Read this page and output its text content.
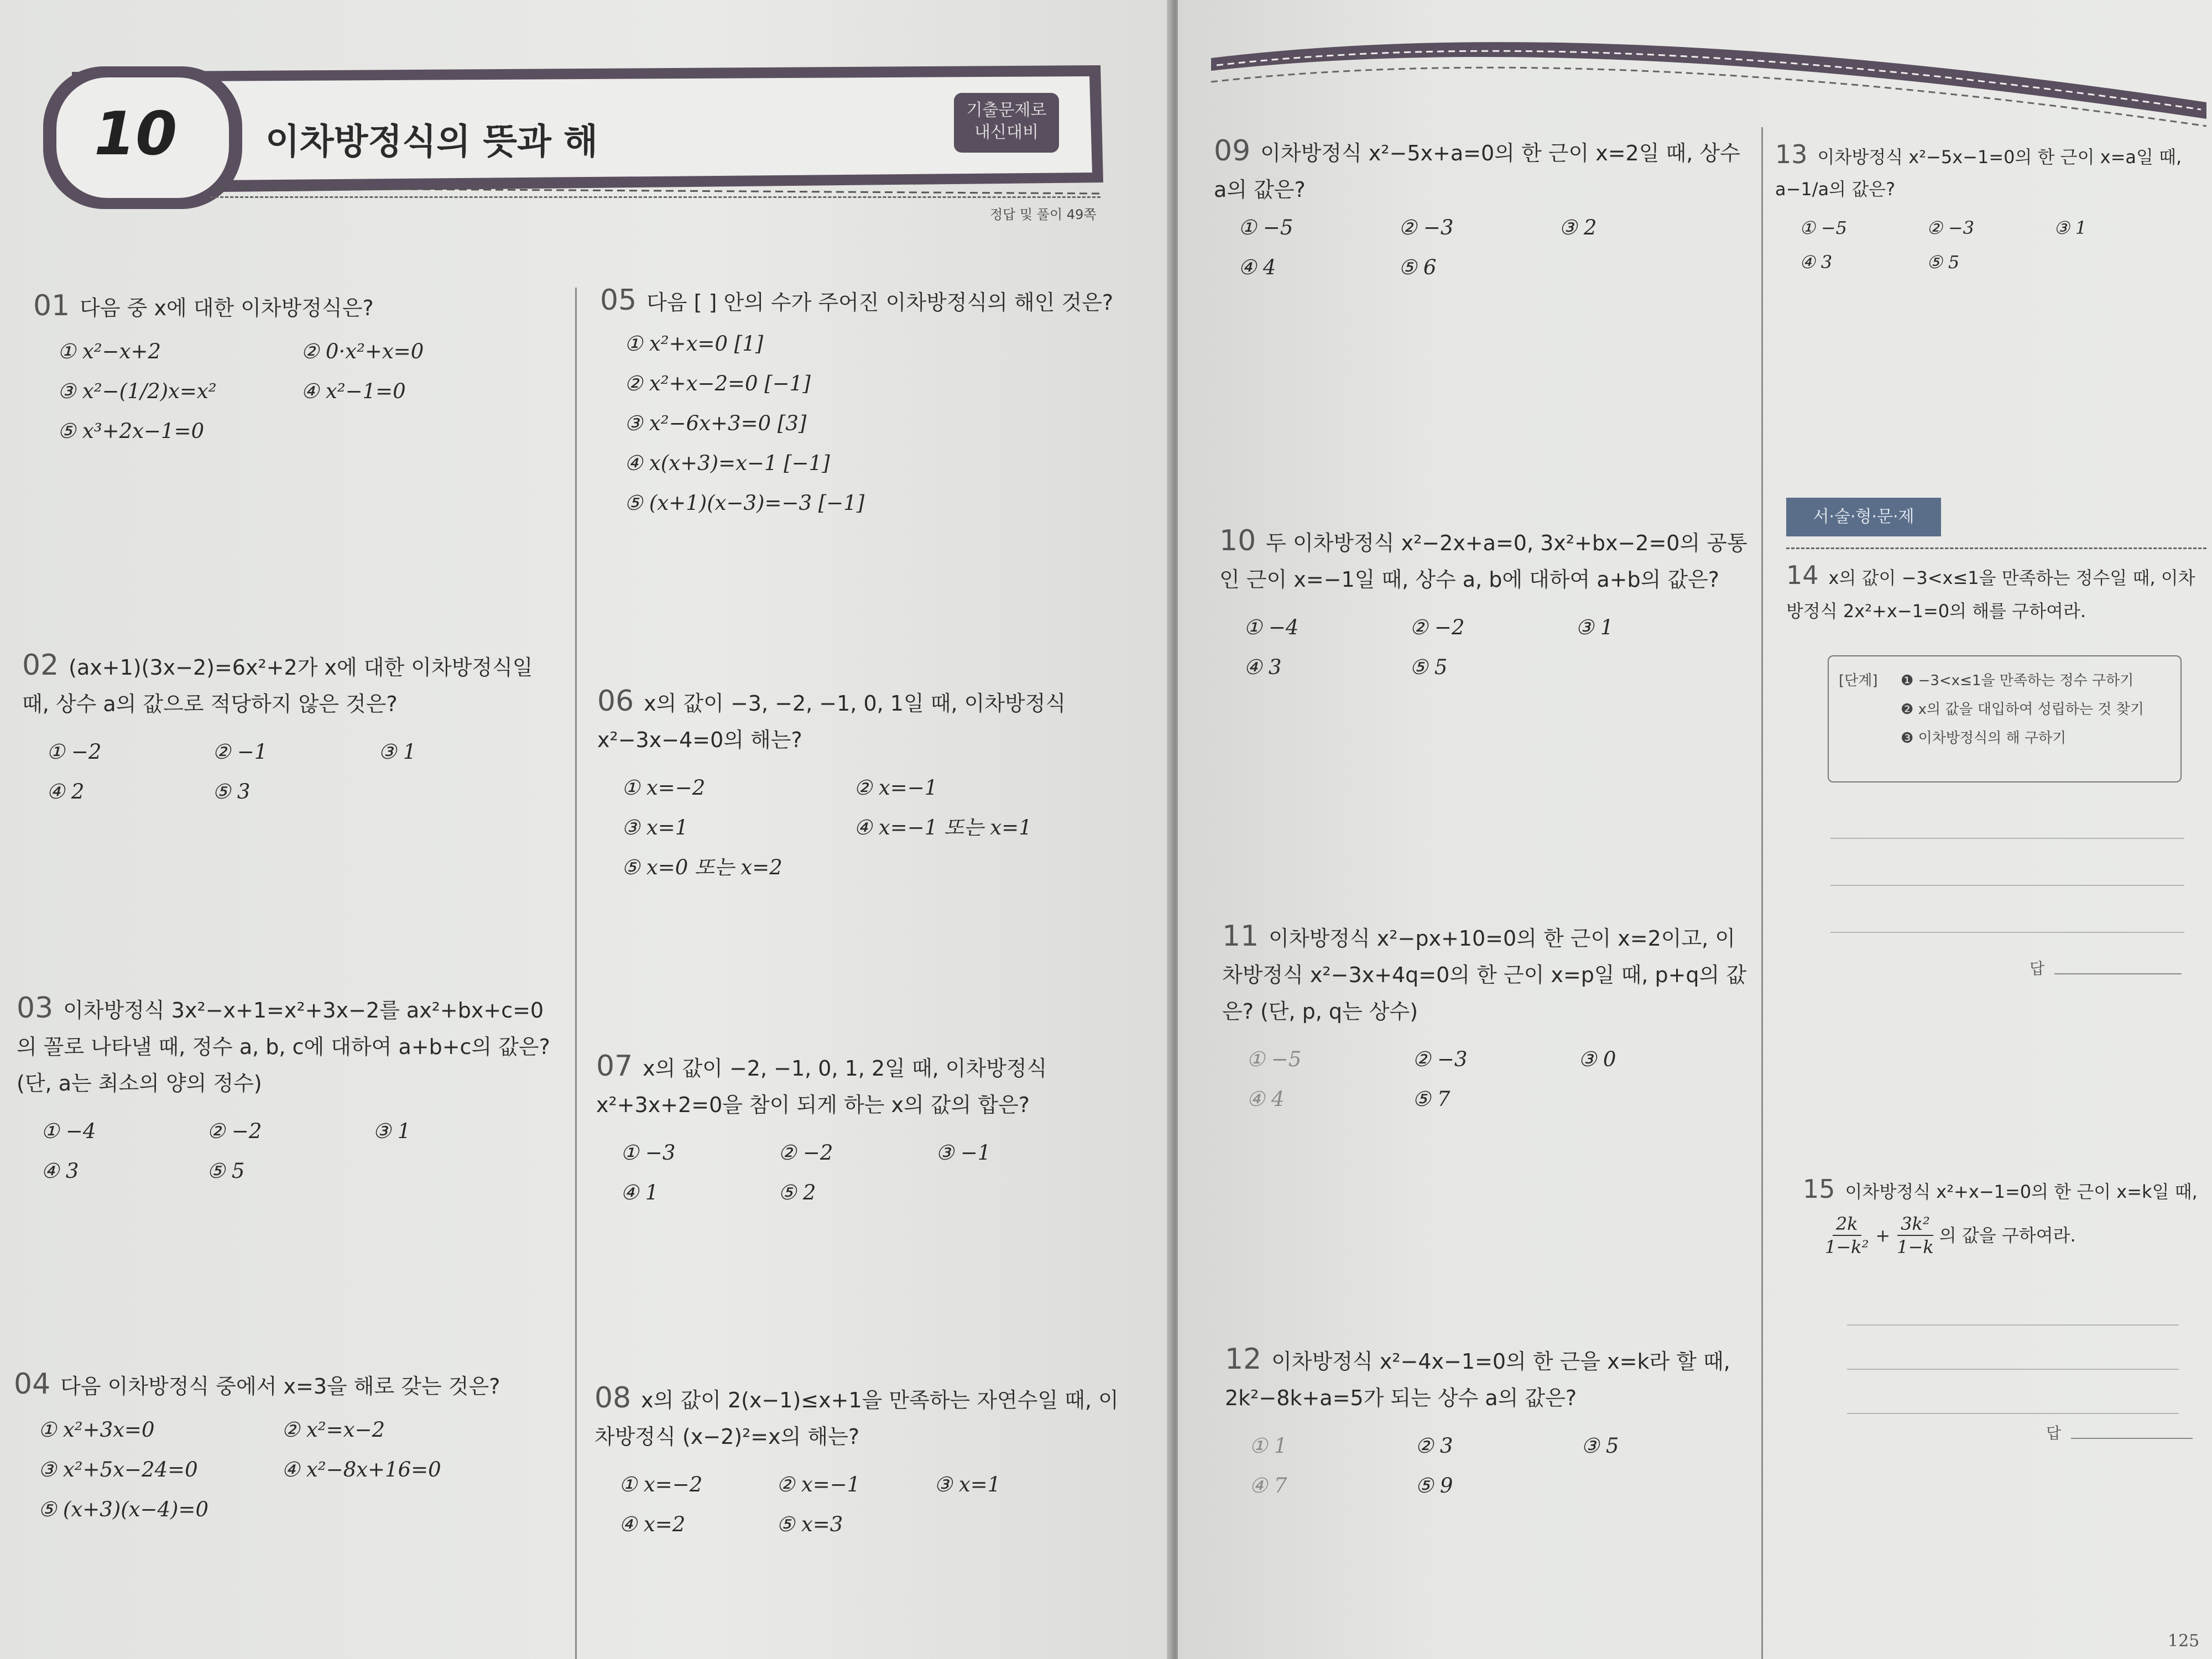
10 이차방정식의 뜻과 해
기출문제로
내신대비
정답 및 풀이 49쪽
01 다음 중 x에 대한 이차방정식은?
① x²−x+2	② 0·x²+x=0
③ x²−(1/2)x=x²	④ x²−1=0
⑤ x³+2x−1=0
02 (ax+1)(3x−2)=6x²+2가 x에 대한 이차방정식일 때, 상수 a의 값으로 적당하지 않은 것은?
① −2	② −1	③ 1
④ 2	⑤ 3
03 이차방정식 3x²−x+1=x²+3x−2를 ax²+bx+c=0의 꼴로 나타낼 때, 정수 a, b, c에 대하여 a+b+c의 값은? (단, a는 최소의 양의 정수)
① −4	② −2	③ 1
④ 3	⑤ 5
04 다음 이차방정식 중에서 x=3을 해로 갖는 것은?
① x²+3x=0	② x²=x−2
③ x²+5x−24=0	④ x²−8x+16=0
⑤ (x+3)(x−4)=0
05 다음 [ ] 안의 수가 주어진 이차방정식의 해인 것은?
① x²+x=0 [1]
② x²+x−2=0 [−1]
③ x²−6x+3=0 [3]
④ x(x+3)=x−1 [−1]
⑤ (x+1)(x−3)=−3 [−1]
06 x의 값이 −3, −2, −1, 0, 1일 때, 이차방정식 x²−3x−4=0의 해는?
① x=−2	② x=−1
③ x=1	④ x=−1 또는 x=1
⑤ x=0 또는 x=2
07 x의 값이 −2, −1, 0, 1, 2일 때, 이차방정식 x²+3x+2=0을 참이 되게 하는 x의 값의 합은?
① −3	② −2	③ −1
④ 1	⑤ 2
08 x의 값이 2(x−1)≤x+1을 만족하는 자연수일 때, 이차방정식 (x−2)²=x의 해는?
① x=−2	② x=−1	③ x=1
④ x=2	⑤ x=3
09 이차방정식 x²−5x+a=0의 한 근이 x=2일 때, 상수 a의 값은?
① −5	② −3	③ 2
④ 4	⑤ 6
10 두 이차방정식 x²−2x+a=0, 3x²+bx−2=0의 공통인 근이 x=−1일 때, 상수 a, b에 대하여 a+b의 값은?
① −4	② −2	③ 1
④ 3	⑤ 5
11 이차방정식 x²−px+10=0의 한 근이 x=2이고, 이차방정식 x²−3x+4q=0의 한 근이 x=p일 때, p+q의 값은? (단, p, q는 상수)
① −5	② −3	③ 0
④ 4	⑤ 7
12 이차방정식 x²−4x−1=0의 한 근을 x=k라 할 때, 2k²−8k+a=5가 되는 상수 a의 값은?
① 1	② 3	③ 5
④ 7	⑤ 9
13 이차방정식 x²−5x−1=0의 한 근이 x=a일 때, a−1/a의 값은?
① −5	② −3	③ 1
④ 3	⑤ 5
서·술·형·문·제
14 x의 값이 −3<x≤1을 만족하는 정수일 때, 이차방정식 2x²+x−1=0의 해를 구하여라.
[단계] ❶ −3<x≤1을 만족하는 정수 구하기
❷ x의 값을 대입하여 성립하는 것 찾기
❸ 이차방정식의 해 구하기
답
15 이차방정식 x²+x−1=0의 한 근이 x=k일 때,
$\frac{2k}{\text{1−k²}} + \frac{\text{3k²}}{1-k}$ 의 값을 구하여라.
답
125
